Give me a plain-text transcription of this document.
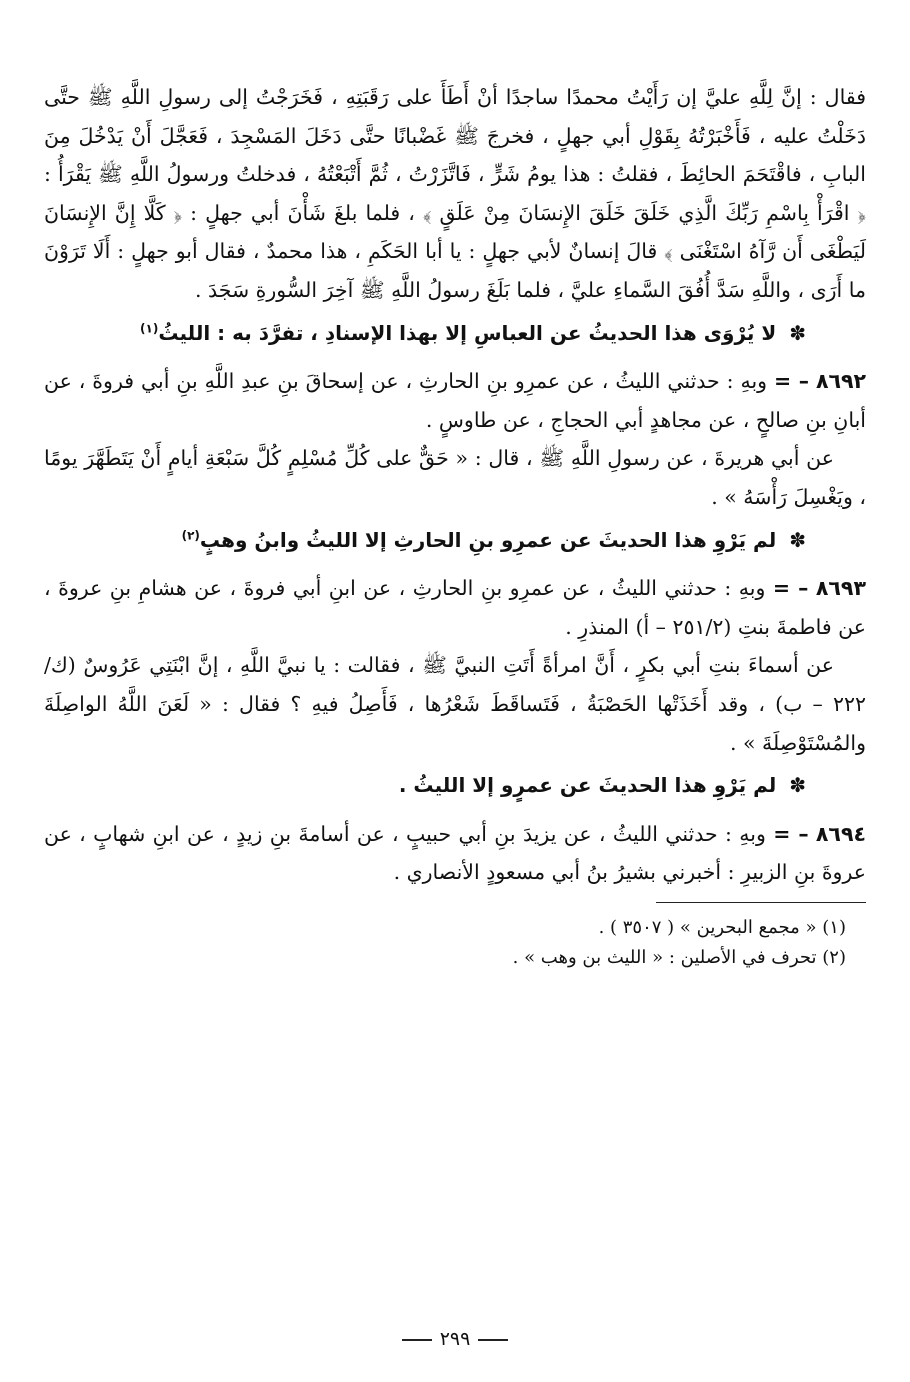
فقال : إنَّ لِلَّهِ عليَّ إن رَأَيْتُ محمدًا ساجدًا أنْ أَطَأَ على رَقَبَتِهِ ، فَخَرَجْتُ إلى رسولِ اللَّهِ ﷺ حتَّى دَخَلْتُ عليه ، فَأَخْبَرْتُهُ بِقَوْلِ أبي جهلٍ ، فخرجَ ﷺ غَضْبانًا حتَّى دَخَلَ المَسْجِدَ ، فَعَجَّلَ أَنْ يَدْخُلَ مِنَ البابِ ، فاقْتَحَمَ الحائِطَ ، فقلتُ : هذا يومُ شَرٍّ ، فَاتَّزَرْتُ ، ثُمَّ أَتْبَعْتُهُ ، فدخلتُ ورسولُ اللَّهِ ﷺ يَقْرَأُ : ﴿ اقْرَأْ بِاسْمِ رَبِّكَ الَّذِي خَلَقَ خَلَقَ الإِنسَانَ مِنْ عَلَقٍ ﴾ ، فلما بلغَ شَأْنَ أبي جهلٍ : ﴿ كَلَّا إِنَّ الإِنسَانَ لَيَطْغَى أَن رَّآهُ اسْتَغْنَى ﴾ قالَ إنسانٌ لأبي جهلٍ : يا أبا الحَكَمِ ، هذا محمدٌ ، فقال أبو جهلٍ : أَلَا تَرَوْنَ ما أَرَى ، واللَّهِ سَدَّ أُفُقَ السَّماءِ عليَّ ، فلما بَلَغَ رسولُ اللَّهِ ﷺ آخِرَ السُّورةِ سَجَدَ .

✽ لا يُرْوَى هذا الحديثُ عن العباسِ إلا بهذا الإسنادِ ، تفرَّدَ به : الليثُ$^{(١)}$

٨٦٩٢ – = وبهِ : حدثني الليثُ ، عن عمرِو بنِ الحارثِ ، عن إسحاقَ بنِ عبدِ اللَّهِ بنِ أبي فروةَ ، عن أبانِ بنِ صالحٍ ، عن مجاهدٍ أبي الحجاجِ ، عن طاوسٍ .

عن أبي هريرةَ ، عن رسولِ اللَّهِ ﷺ ، قال : « حَقٌّ على كُلِّ مُسْلِمٍ كُلَّ سَبْعَةِ أيامٍ أَنْ يَتَطَهَّرَ يومًا ، ويَغْسِلَ رَأْسَهُ » .

✽ لم يَرْوِ هذا الحديثَ عن عمرِو بنِ الحارثِ إلا الليثُ وابنُ وهبٍ$^{(٢)}$

٨٦٩٣ – = وبهِ : حدثني الليثُ ، عن عمرِو بنِ الحارثِ ، عن ابنِ أبي فروةَ ، عن هشامِ بنِ عروةَ ، عن فاطمةَ بنتِ (٢٥١/٢ – أ) المنذرِ .

عن أسماءَ بنتِ أبي بكرٍ ، أَنَّ امرأةً أَتَتِ النبيَّ ﷺ ، فقالت : يا نبيَّ اللَّهِ ، إنَّ ابْنَتِي عَرُوسٌ (ك/٢٢٢ – ب) ، وقد أَخَذَتْها الحَصْبَةُ ، فَتَساقَطَ شَعْرُها ، فَأَصِلُ فيهِ ؟ فقال : « لَعَنَ اللَّهُ الواصِلَةَ والمُسْتَوْصِلَةَ » .

✽ لم يَرْوِ هذا الحديثَ عن عمرٍو إلا الليثُ .

٨٦٩٤ – = وبهِ : حدثني الليثُ ، عن يزيدَ بنِ أبي حبيبٍ ، عن أسامةَ بنِ زيدٍ ، عن ابنِ شهابٍ ، عن عروةَ بنِ الزبيرِ : أخبرني بشيرُ بنُ أبي مسعودٍ الأنصاري .

(١) « مجمع البحرين » ( ٣٥٠٧ ) .

(٢) تحرف في الأصلين : « الليث بن وهب » .

٢٩٩
